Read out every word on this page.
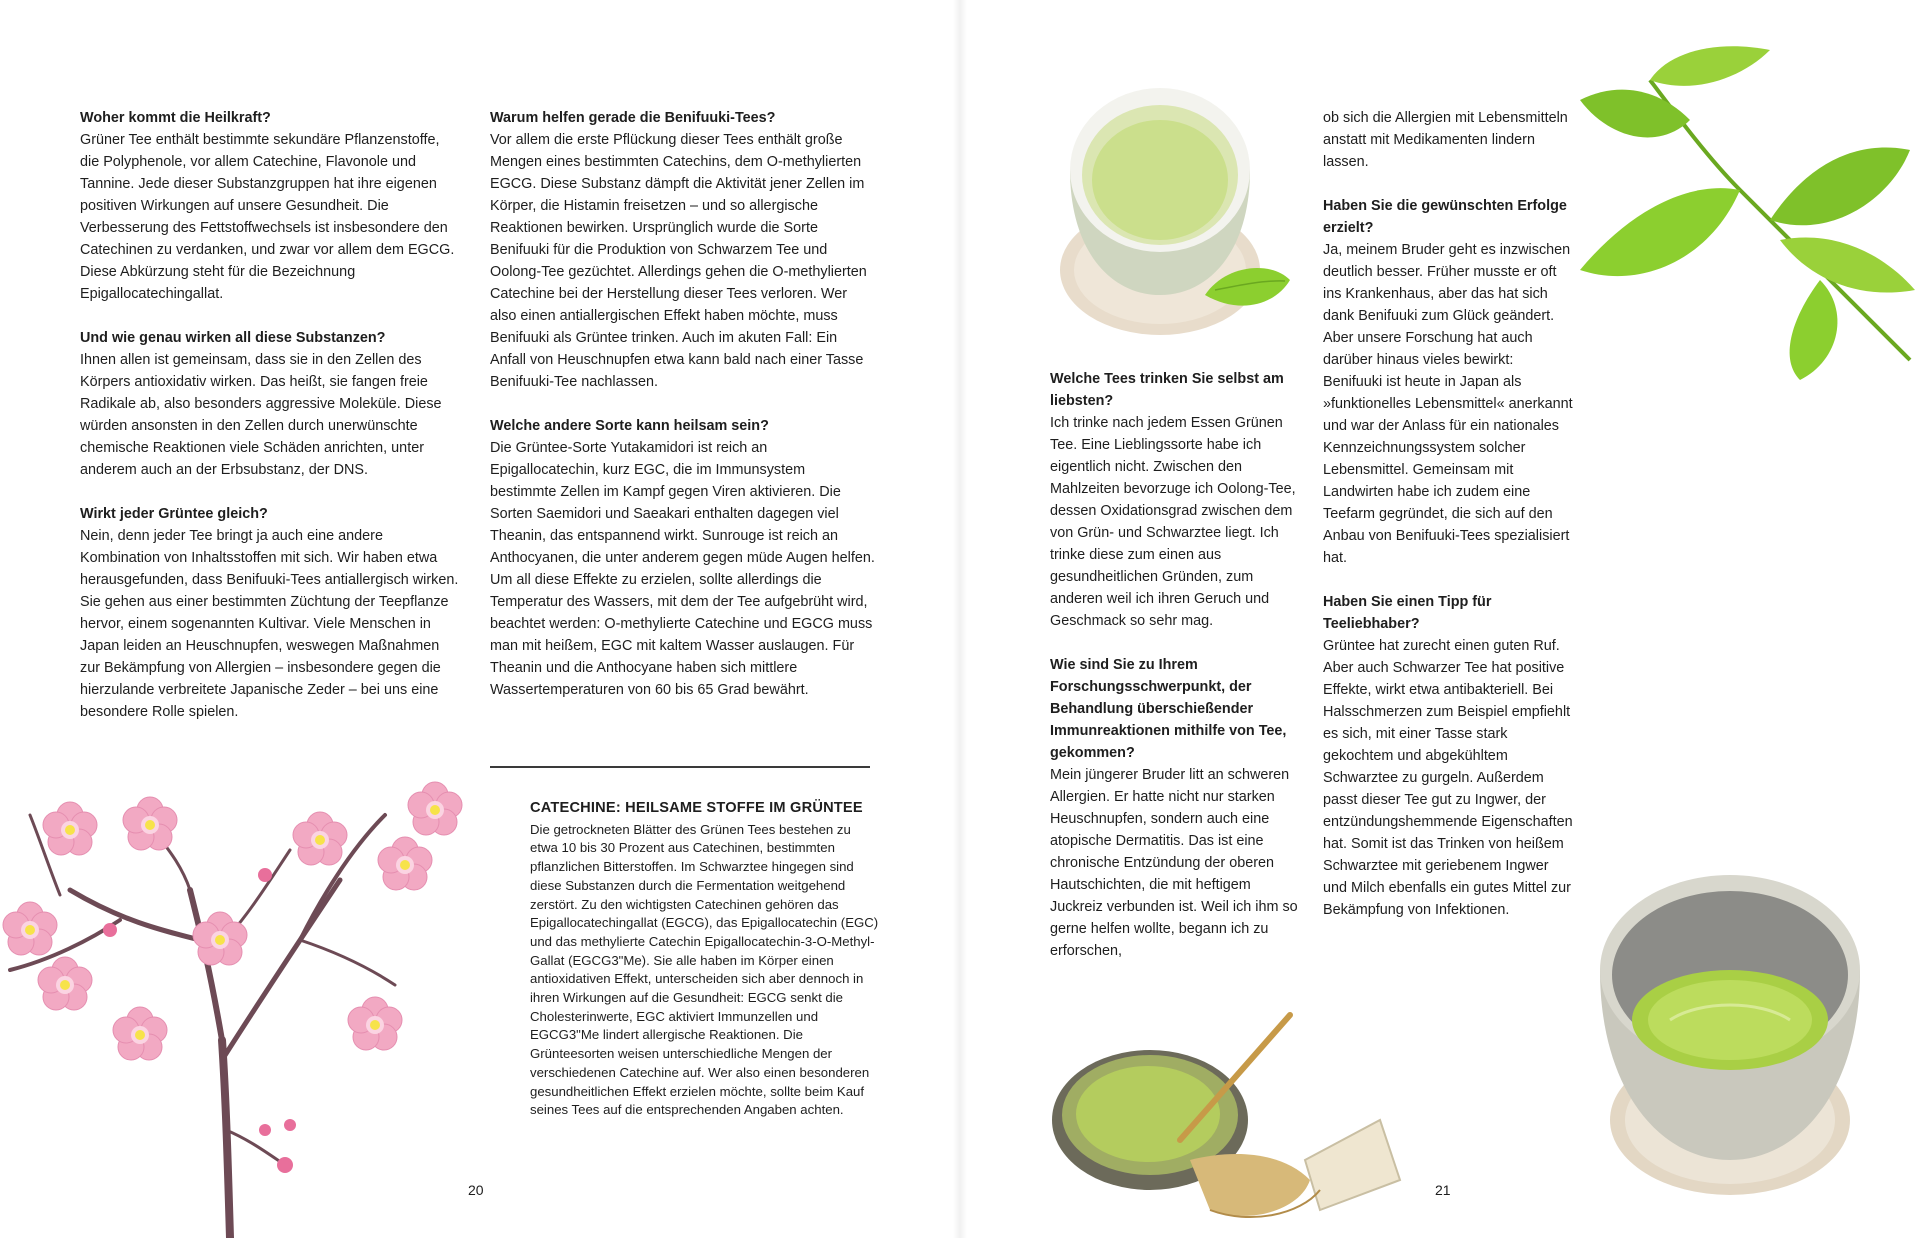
Woher kommt die Heilkraft?
Grüner Tee enthält bestimmte sekundäre Pflanzenstoffe, die Polyphenole, vor allem Catechine, Flavonole und Tannine. Jede dieser Substanzgruppen hat ihre eigenen positiven Wirkungen auf unsere Gesundheit. Die Verbesserung des Fettstoffwechsels ist insbesondere den Catechinen zu verdanken, und zwar vor allem dem EGCG. Diese Abkürzung steht für die Bezeichnung Epigallocatechingallat.

Und wie genau wirken all diese Substanzen?
Ihnen allen ist gemeinsam, dass sie in den Zellen des Körpers antioxidativ wirken. Das heißt, sie fangen freie Radikale ab, also besonders aggressive Moleküle. Diese würden ansonsten in den Zellen durch unerwünschte chemische Reaktionen viele Schäden anrichten, unter anderem auch an der Erbsubstanz, der DNS.

Wirkt jeder Grüntee gleich?
Nein, denn jeder Tee bringt ja auch eine andere Kombination von Inhaltsstoffen mit sich. Wir haben etwa herausgefunden, dass Benifuuki-Tees antiallergisch wirken. Sie gehen aus einer bestimmten Züchtung der Teepflanze hervor, einem sogenannten Kultivar. Viele Menschen in Japan leiden an Heuschnupfen, weswegen Maßnahmen zur Bekämpfung von Allergien – insbesondere gegen die hierzulande verbreitete Japanische Zeder – bei uns eine besondere Rolle spielen.

Warum helfen gerade die Benifuuki-Tees?
Vor allem die erste Pflückung dieser Tees enthält große Mengen eines bestimmten Catechins, dem O-methylierten EGCG. Diese Substanz dämpft die Aktivität jener Zellen im Körper, die Histamin freisetzen – und so allergische Reaktionen bewirken. Ursprünglich wurde die Sorte Benifuuki für die Produktion von Schwarzem Tee und Oolong-Tee gezüchtet. Allerdings gehen die O-methylierten Catechine bei der Herstellung dieser Tees verloren. Wer also einen antiallergischen Effekt haben möchte, muss Benifuuki als Grüntee trinken. Auch im akuten Fall: Ein Anfall von Heuschnupfen etwa kann bald nach einer Tasse Benifuuki-Tee nachlassen.

Welche andere Sorte kann heilsam sein?
Die Grüntee-Sorte Yutakamidori ist reich an Epigallocatechin, kurz EGC, die im Immunsystem bestimmte Zellen im Kampf gegen Viren aktivieren. Die Sorten Saemidori und Saeakari enthalten dagegen viel Theanin, das entspannend wirkt. Sunrouge ist reich an Anthocyanen, die unter anderem gegen müde Augen helfen. Um all diese Effekte zu erzielen, sollte allerdings die Temperatur des Wassers, mit dem der Tee aufgebrüht wird, beachtet werden: O-methylierte Catechine und EGCG muss man mit heißem, EGC mit kaltem Wasser auslaugen. Für Theanin und die Anthocyane haben sich mittlere Wassertemperaturen von 60 bis 65 Grad bewährt.

CATECHINE: HEILSAME STOFFE IM GRÜNTEE
Die getrockneten Blätter des Grünen Tees bestehen zu etwa 10 bis 30 Prozent aus Catechinen, bestimmten pflanzlichen Bitterstoffen. Im Schwarztee hingegen sind diese Substanzen durch die Fermentation weitgehend zerstört. Zu den wichtigsten Catechinen gehören das Epigallocatechingallat (EGCG), das Epigallocatechin (EGC) und das methylierte Catechin Epigallocatechin-3-O-Methyl-Gallat (EGCG3"Me). Sie alle haben im Körper einen antioxidativen Effekt, unterscheiden sich aber dennoch in ihren Wirkungen auf die Gesundheit: EGCG senkt die Cholesterinwerte, EGC aktiviert Immunzellen und EGCG3"Me lindert allergische Reaktionen. Die Grünteesorten weisen unterschiedliche Mengen der verschiedenen Catechine auf. Wer also einen besonderen gesundheitlichen Effekt erzielen möchte, sollte beim Kauf seines Tees auf die entsprechenden Angaben achten.
20

Welche Tees trinken Sie selbst am liebsten?
Ich trinke nach jedem Essen Grünen Tee. Eine Lieblingssorte habe ich eigentlich nicht. Zwischen den Mahlzeiten bevorzuge ich Oolong-Tee, dessen Oxidationsgrad zwischen dem von Grün- und Schwarztee liegt. Ich trinke diese zum einen aus gesundheitlichen Gründen, zum anderen weil ich ihren Geruch und Geschmack so sehr mag.

Wie sind Sie zu Ihrem Forschungsschwerpunkt, der Behandlung überschießender Immunreaktionen mithilfe von Tee, gekommen?
Mein jüngerer Bruder litt an schweren Allergien. Er hatte nicht nur starken Heuschnupfen, sondern auch eine atopische Dermatitis. Das ist eine chronische Entzündung der oberen Hautschichten, die mit heftigem Juckreiz verbunden ist. Weil ich ihm so gerne helfen wollte, begann ich zu erforschen,

ob sich die Allergien mit Lebensmitteln anstatt mit Medikamenten lindern lassen.

Haben Sie die gewünschten Erfolge erzielt?
Ja, meinem Bruder geht es inzwischen deutlich besser. Früher musste er oft ins Krankenhaus, aber das hat sich dank Benifuuki zum Glück geändert. Aber unsere Forschung hat auch darüber hinaus vieles bewirkt: Benifuuki ist heute in Japan als »funktionelles Lebensmittel« anerkannt und war der Anlass für ein nationales Kennzeichnungssystem solcher Lebensmittel. Gemeinsam mit Landwirten habe ich zudem eine Teefarm gegründet, die sich auf den Anbau von Benifuuki-Tees spezialisiert hat.

Haben Sie einen Tipp für Teeliebhaber?
Grüntee hat zurecht einen guten Ruf. Aber auch Schwarzer Tee hat positive Effekte, wirkt etwa antibakteriell. Bei Halsschmerzen zum Beispiel empfiehlt es sich, mit einer Tasse stark gekochtem und abgekühltem Schwarztee zu gurgeln. Außerdem passt dieser Tee gut zu Ingwer, der entzündungshemmende Eigenschaften hat. Somit ist das Trinken von heißem Schwarztee mit geriebenem Ingwer und Milch ebenfalls ein gutes Mittel zur Bekämpfung von Infektionen.

21
